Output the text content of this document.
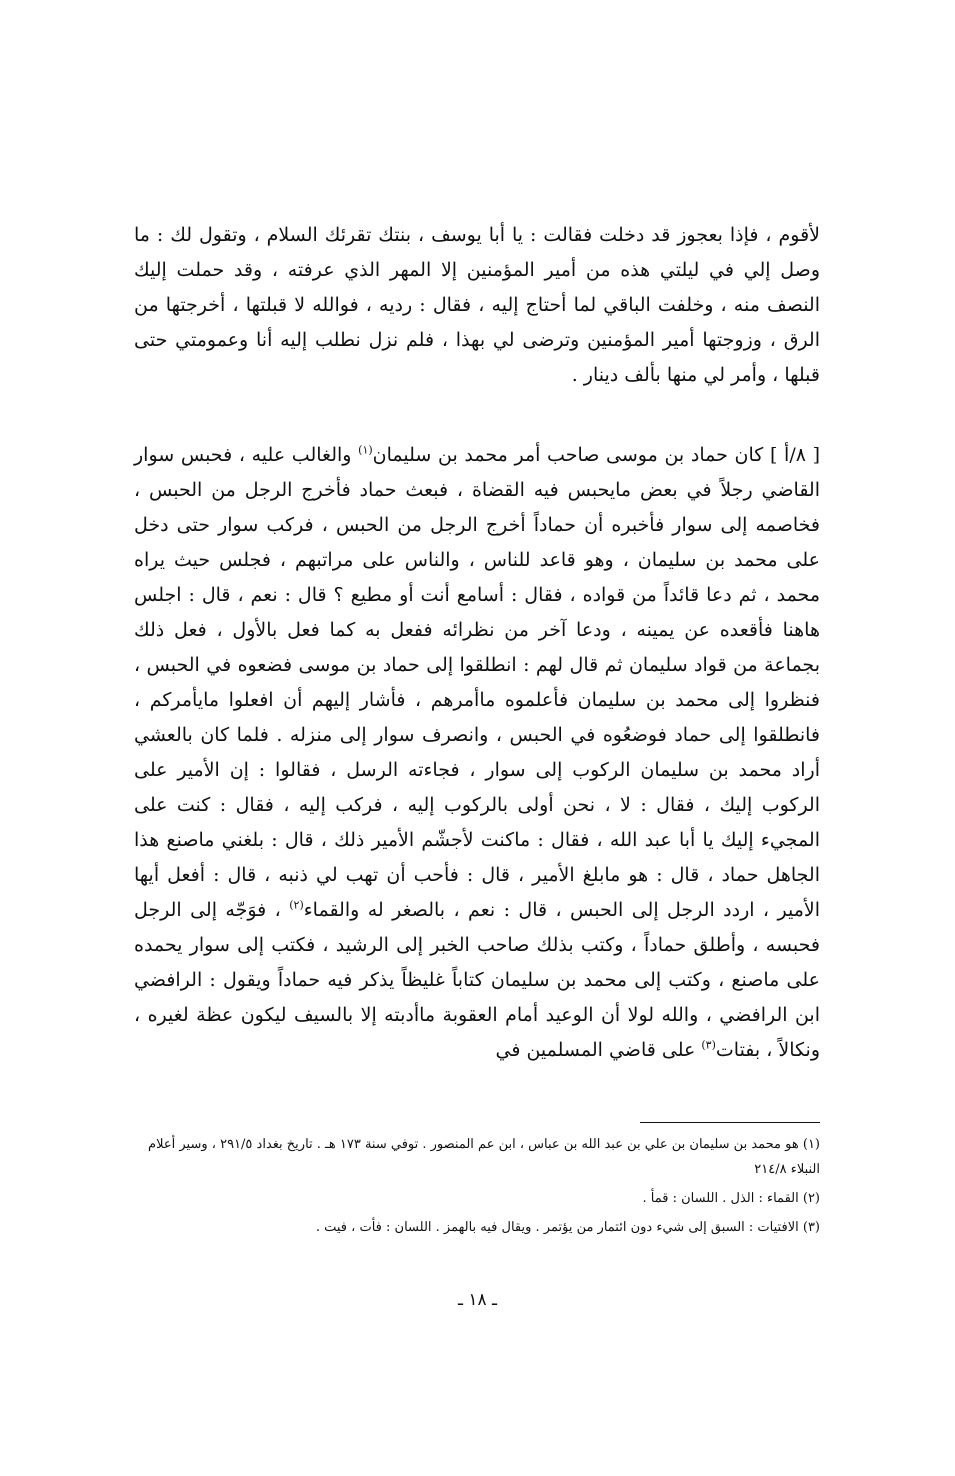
لأقوم ، فإذا بعجوز قد دخلت فقالت : يا أبا يوسف ، بنتك تقرئك السلام ، وتقول لك : ما وصل إلي في ليلتي هذه من أمير المؤمنين إلا المهر الذي عرفته ، وقد حملت إليك النصف منه ، وخلفت الباقي لما أحتاج إليه ، فقال : رديه ، فوالله لا قبلتها ، أخرجتها من الرق ، وزوجتها أمير المؤمنين وترضى لي بهذا ، فلم نزل نطلب إليه أنا وعمومتي حتى قبلها ، وأمر لي منها بألف دينار .
[ ٨/أ ] كان حماد بن موسى صاحب أمر محمد بن سليمان$^{(١)}$ والغالب عليه ، فحبس سوار القاضي رجلاً في بعض مايحبس فيه القضاة ، فبعث حماد فأخرج الرجل من الحبس ، فخاصمه إلى سوار فأخبره أن حماداً أخرج الرجل من الحبس ، فركب سوار حتى دخل على محمد بن سليمان ، وهو قاعد للناس ، والناس على مراتبهم ، فجلس حيث يراه محمد ، ثم دعا قائداً من قواده ، فقال : أسامع أنت أو مطيع ؟ قال : نعم ، قال : اجلس هاهنا فأقعده عن يمينه ، ودعا آخر من نظرائه ففعل به كما فعل بالأول ، فعل ذلك بجماعة من قواد سليمان ثم قال لهم : انطلقوا إلى حماد بن موسى فضعوه في الحبس ، فنظروا إلى محمد بن سليمان فأعلموه ماأمرهم ، فأشار إليهم أن افعلوا مايأمركم ، فانطلقوا إلى حماد فوضعُوه في الحبس ، وانصرف سوار إلى منزله . فلما كان بالعشي أراد محمد بن سليمان الركوب إلى سوار ، فجاءته الرسل ، فقالوا : إن الأمير على الركوب إليك ، فقال : لا ، نحن أولى بالركوب إليه ، فركب إليه ، فقال : كنت على المجيء إليك يا أبا عبد الله ، فقال : ماكنت لأجشّم الأمير ذلك ، قال : بلغني ماصنع هذا الجاهل حماد ، قال : هو مابلغ الأمير ، قال : فأحب أن تهب لي ذنبه ، قال : أفعل أيها الأمير ، اردد الرجل إلى الحبس ، قال : نعم ، بالصغر له والقماء$^{(٢)}$ ، فوَجّه إلى الرجل فحبسه ، وأطلق حماداً ، وكتب بذلك صاحب الخبر إلى الرشيد ، فكتب إلى سوار يحمده على ماصنع ، وكتب إلى محمد بن سليمان كتاباً غليظاً يذكر فيه حماداً ويقول : الرافضي ابن الرافضي ، والله لولا أن الوعيد أمام العقوبة ماأدبته إلا بالسيف ليكون عظة لغيره ، ونكالاً ، بفتات$^{(٣)}$ على قاضي المسلمين في

(١) هو محمد بن سليمان بن علي بن عبد الله بن عباس ، ابن عم المنصور . توفي سنة ١٧٣ هـ . تاريخ بغداد ٢٩١/٥ ، وسير أعلام النبلاء ٢١٤/٨

(٢) القماء : الذل . اللسان : قمأ .

(٣) الافتيات : السبق إلى شيء دون ائتمار من يؤتمر . ويقال فيه بالهمز . اللسان : فأت ، فيت .

ـ ١٨ ـ
